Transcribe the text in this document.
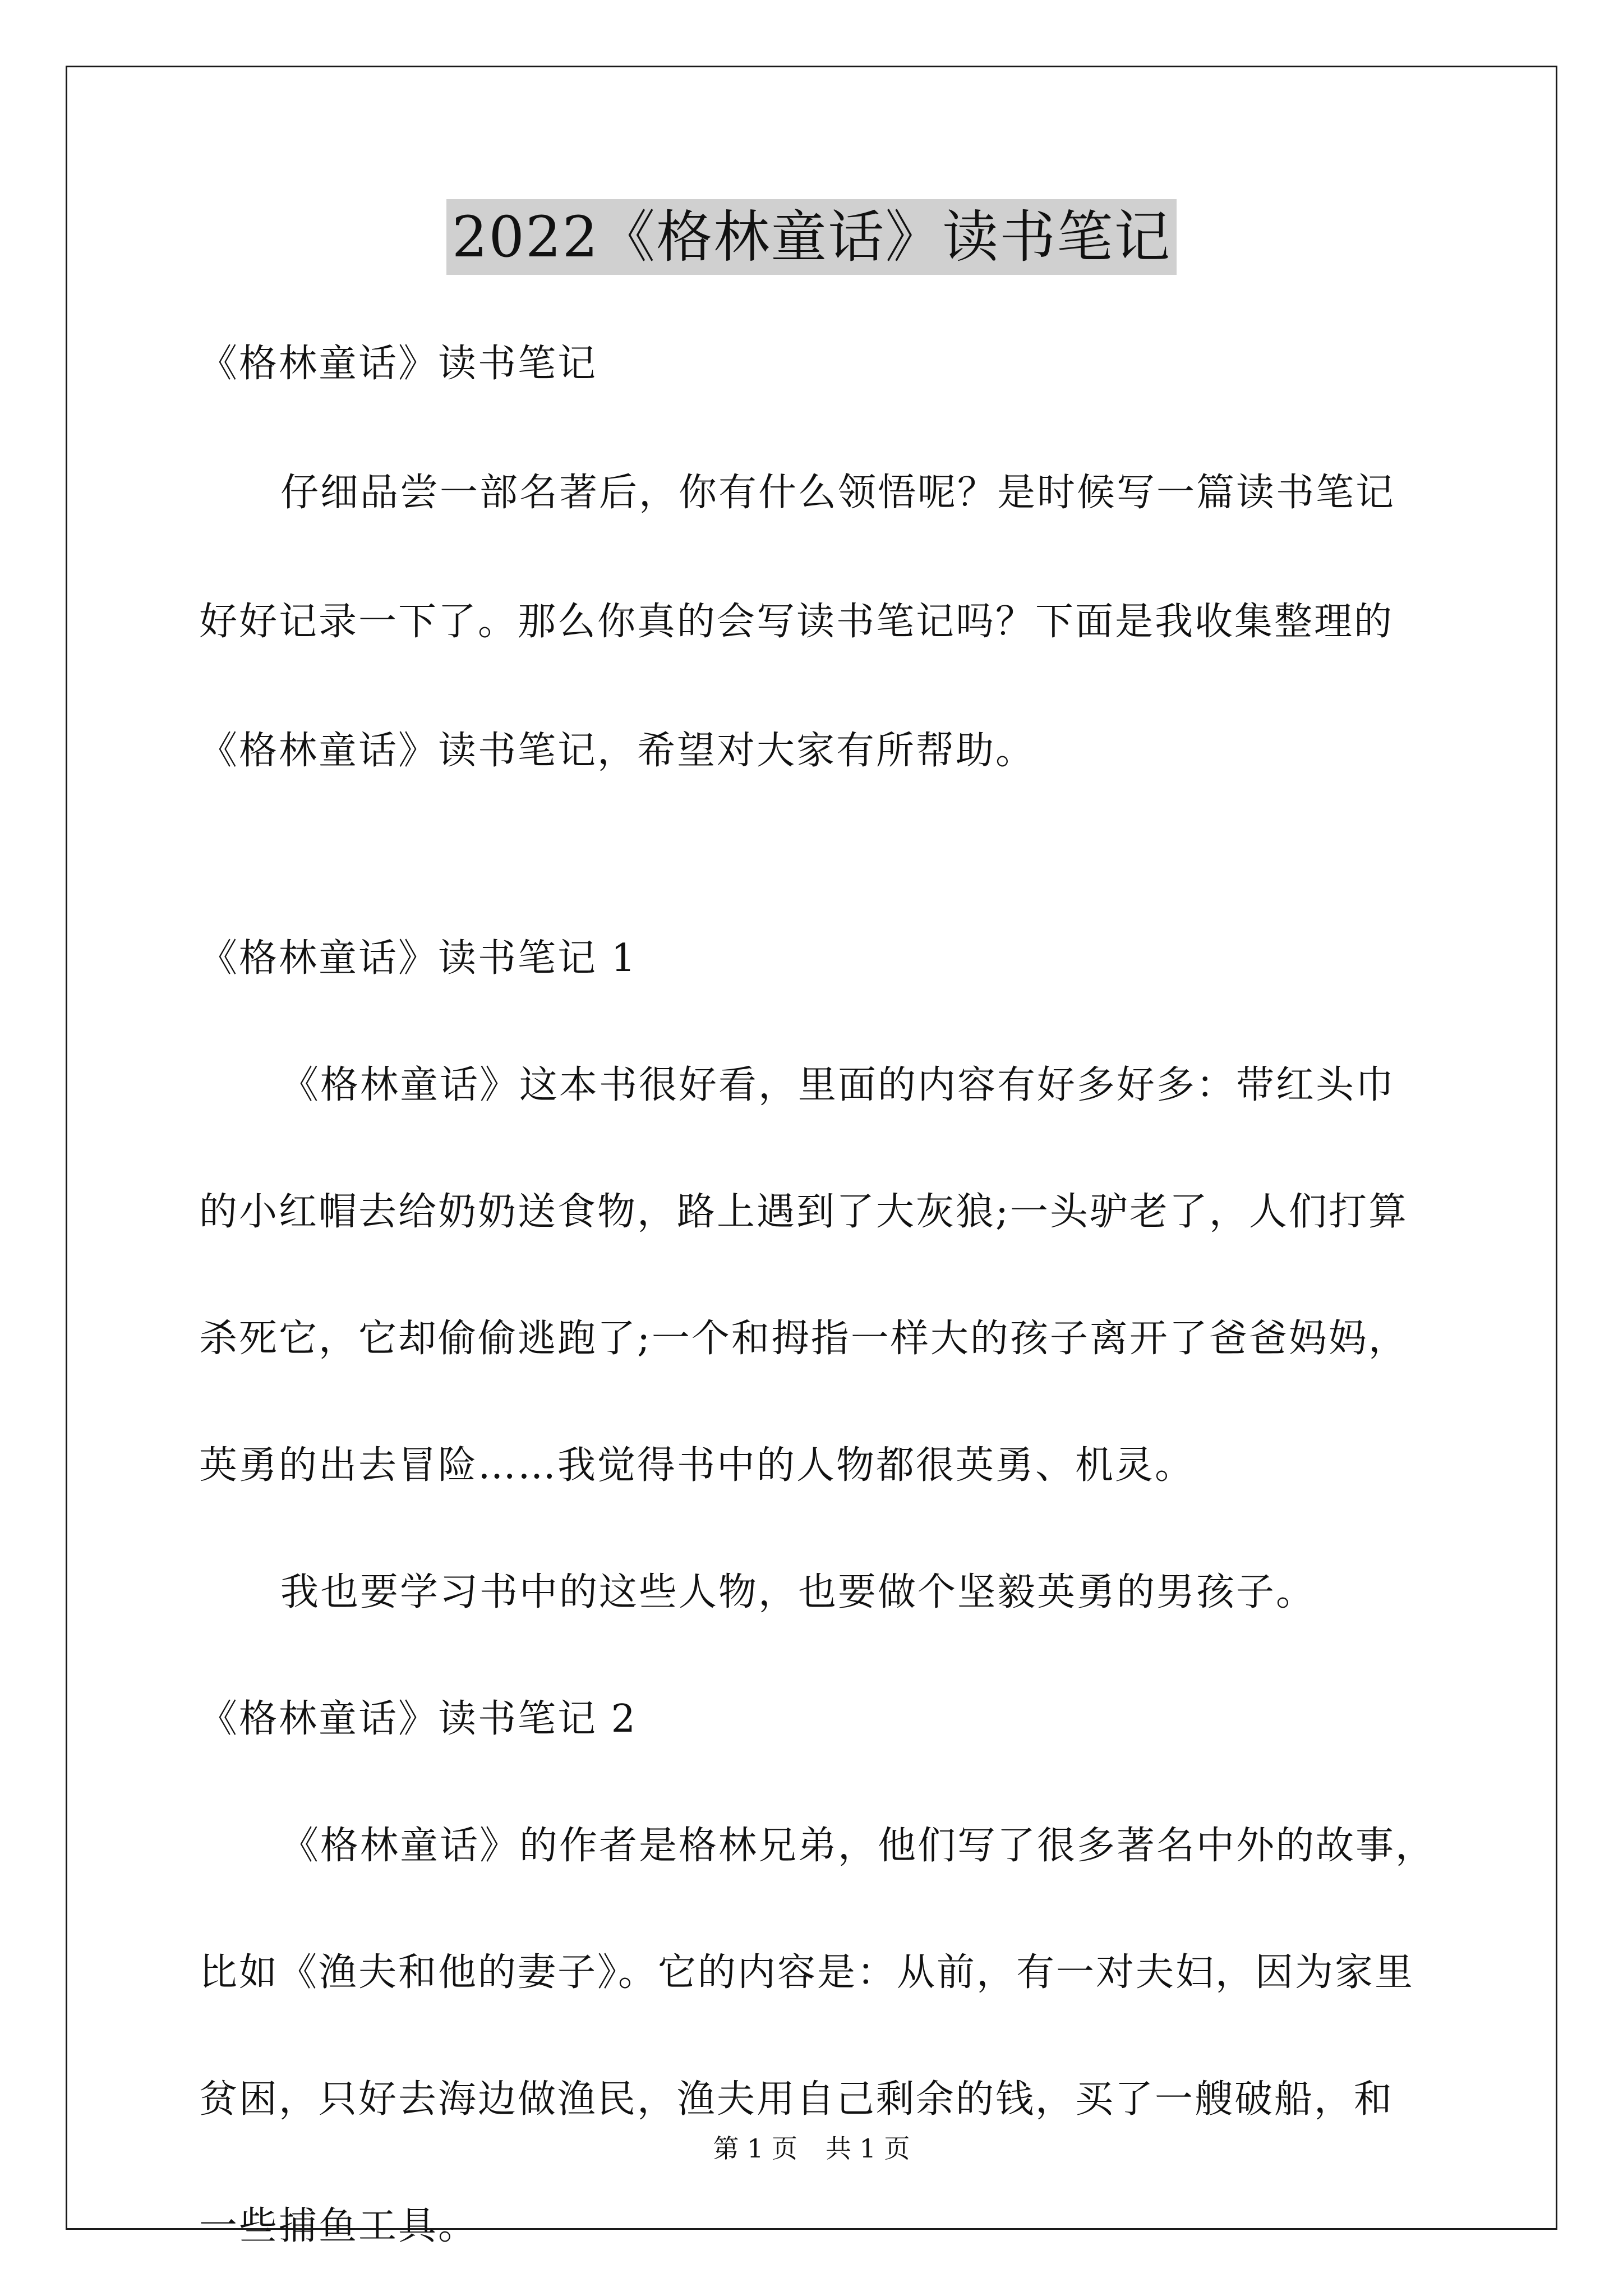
2022《格林童话》读书笔记
《格林童话》读书笔记
仔细品尝一部名著后，你有什么领悟呢？是时候写一篇读书笔记
好好记录一下了。那么你真的会写读书笔记吗？下面是我收集整理的
《格林童话》读书笔记，希望对大家有所帮助。
《格林童话》读书笔记 1
《格林童话》这本书很好看，里面的内容有好多好多：带红头巾
的小红帽去给奶奶送食物，路上遇到了大灰狼;一头驴老了，人们打算
杀死它，它却偷偷逃跑了;一个和拇指一样大的孩子离开了爸爸妈妈，
英勇的出去冒险……我觉得书中的人物都很英勇、机灵。
我也要学习书中的这些人物，也要做个坚毅英勇的男孩子。
《格林童话》读书笔记 2
《格林童话》的作者是格林兄弟，他们写了很多著名中外的故事，
比如《渔夫和他的妻子》。它的内容是：从前，有一对夫妇，因为家里
贫困，只好去海边做渔民，渔夫用自己剩余的钱，买了一艘破船，和
一些捕鱼工具。
第 1 页 共 1 页
